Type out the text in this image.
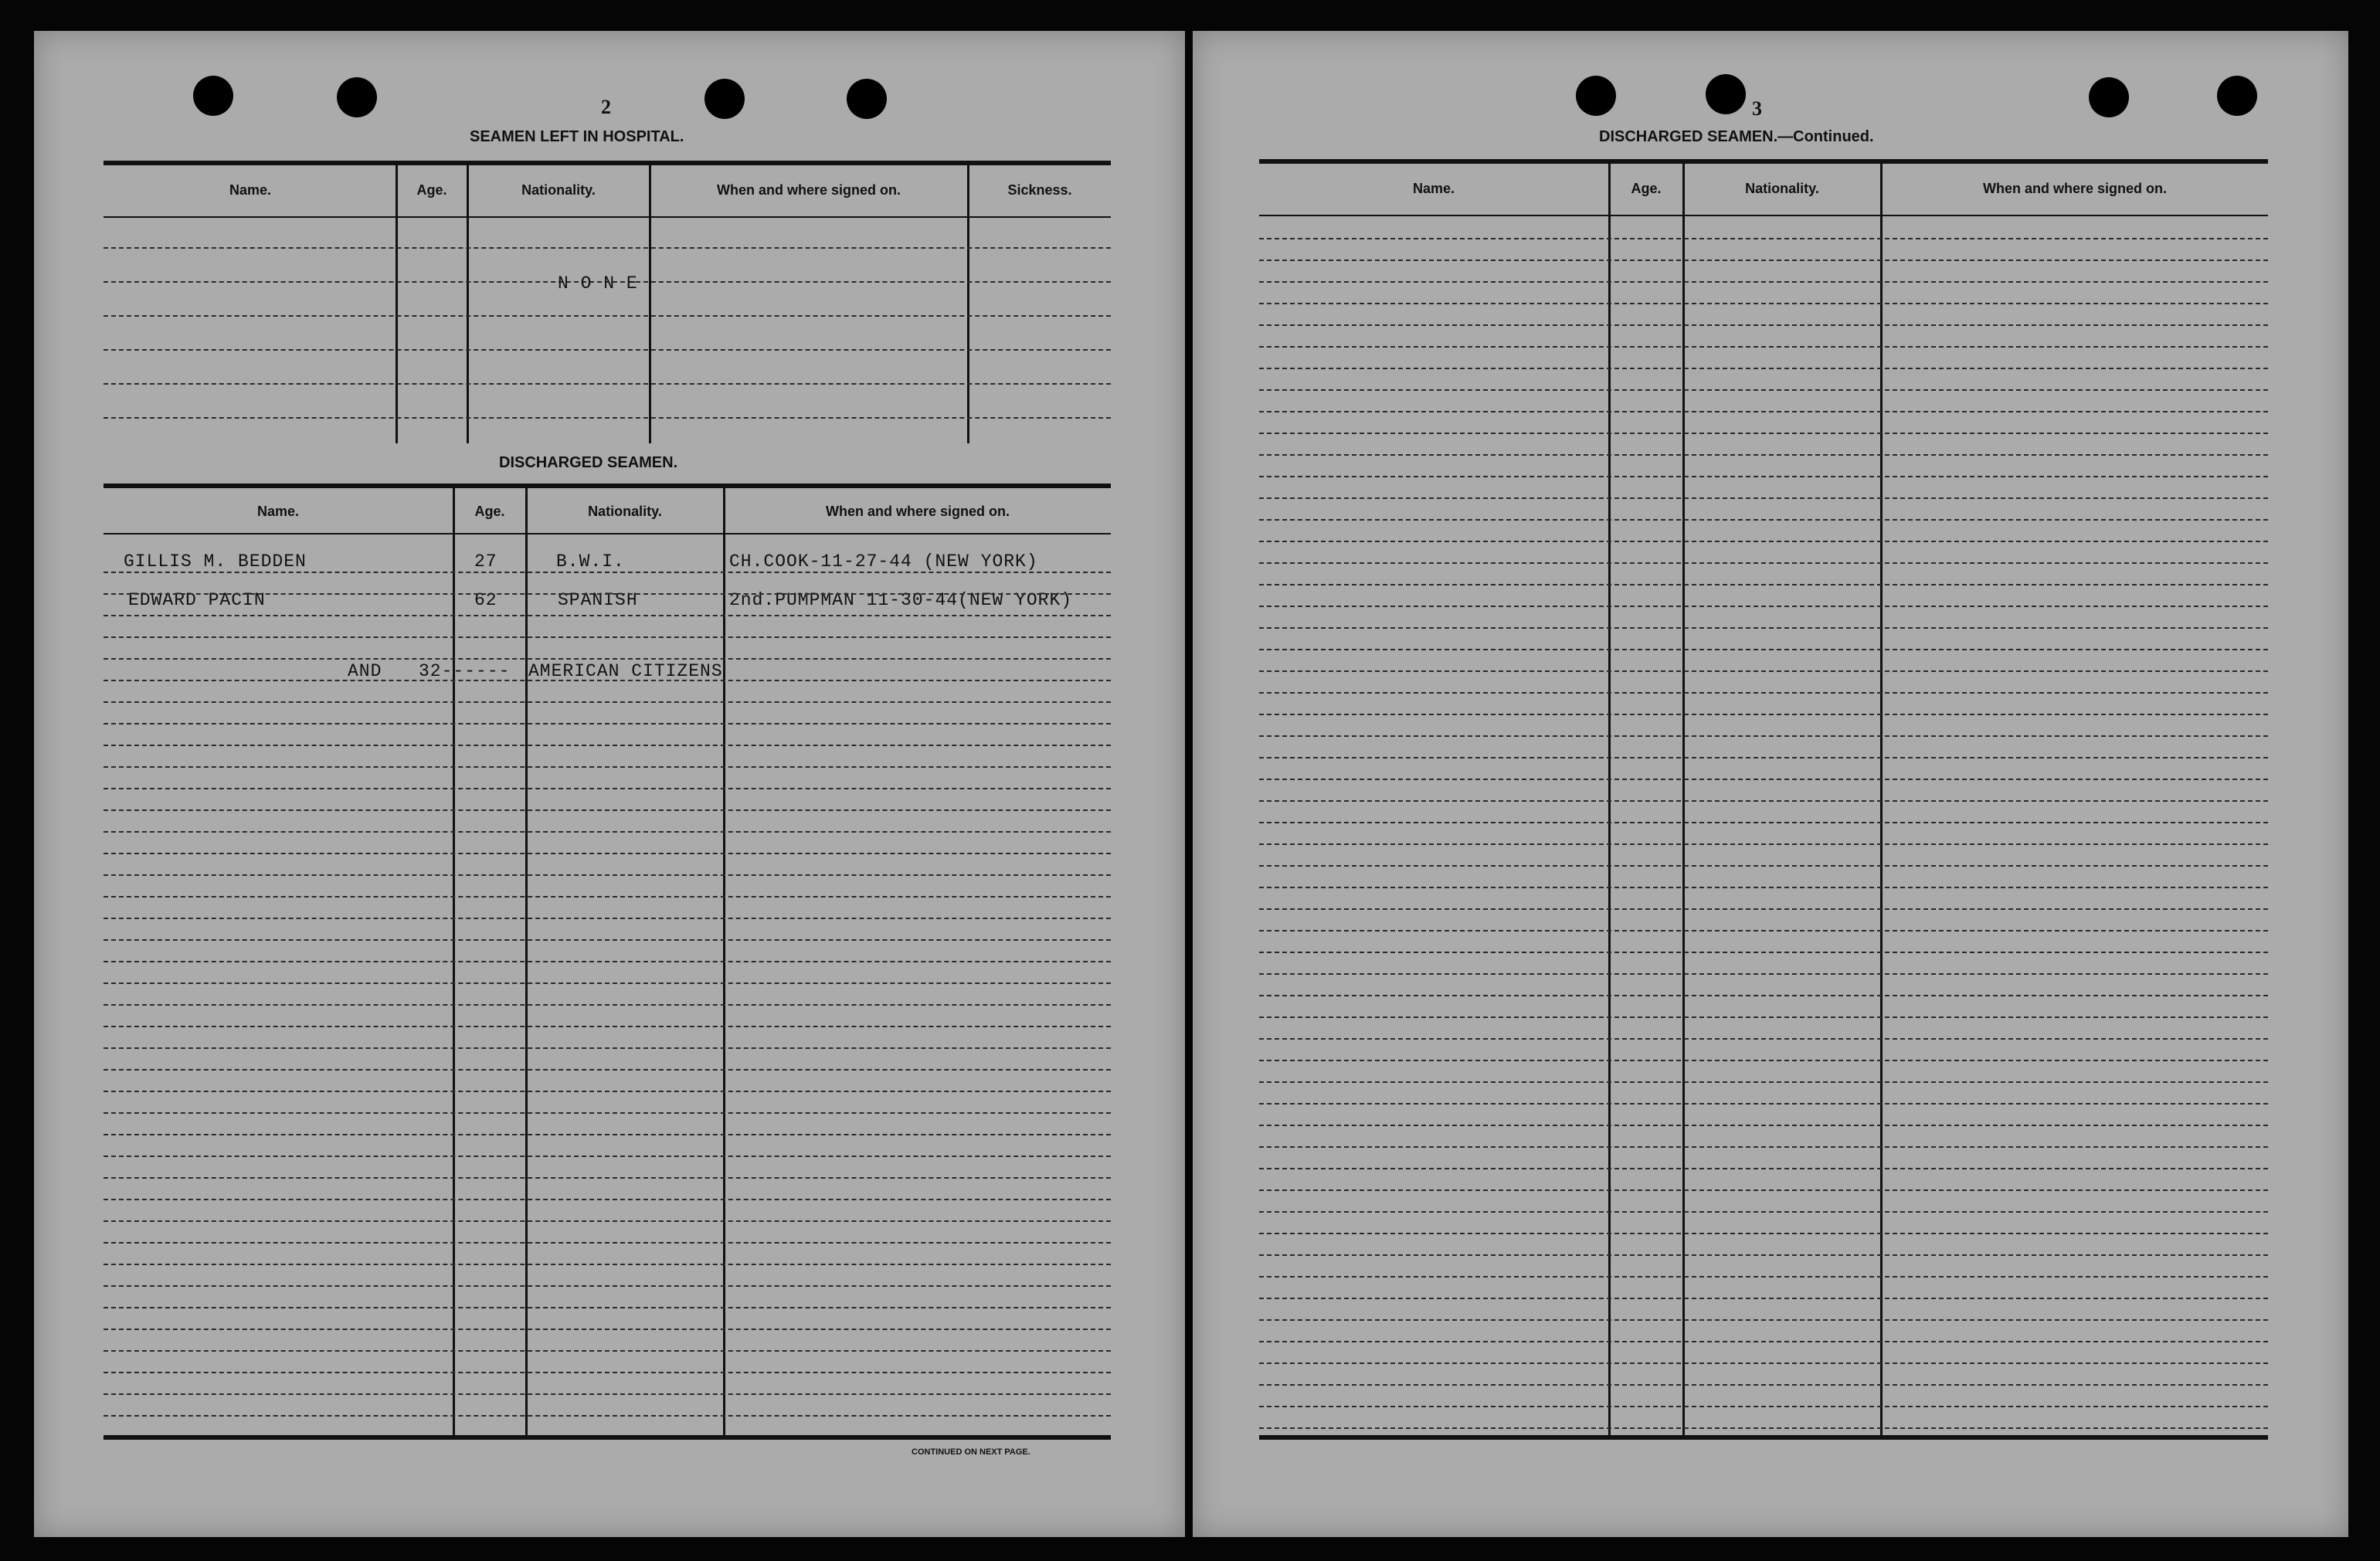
2
SEAMEN LEFT IN HOSPITAL.
Name.	Age.	Nationality.	When and where signed on.	Sickness.
N O N E
DISCHARGED SEAMEN.
Name.	Age.	Nationality.	When and where signed on.
GILLIS M. BEDDEN	27	B.W.I.	CH.COOK-11-27-44 (NEW YORK)
EDWARD PACIN	62	SPANISH	2nd.PUMPMAN 11-30-44(NEW YORK)
AND 32------ AMERICAN CITIZENS
CONTINUED ON NEXT PAGE.
3
DISCHARGED SEAMEN.—Continued.
Name.	Age.	Nationality.	When and where signed on.
